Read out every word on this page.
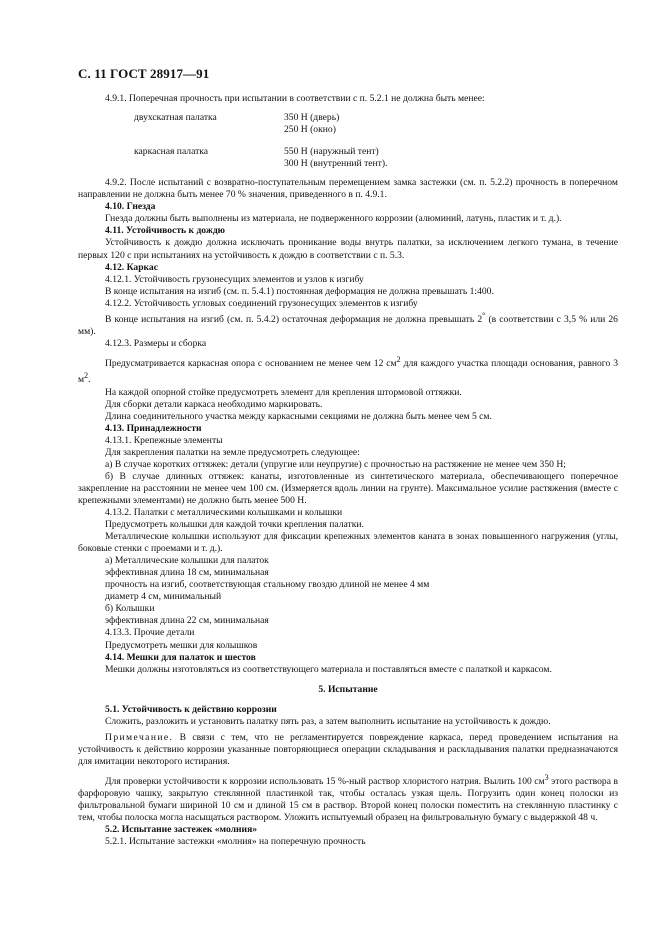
С. 11 ГОСТ 28917—91

4.9.1. Поперечная прочность при испытании в соответствии с п. 5.2.1 не должна быть менее:

двухскатная палатка	350 Н (дверь)
	250 Н (окно)
каркасная палатка	550 Н (наружный тент)
	300 Н (внутренний тент).

4.9.2. После испытаний с возвратно-поступательным перемещением замка застежки (см. п. 5.2.2) прочность в поперечном направлении не должна быть менее 70 % значения, приведенного в п. 4.9.1.

4.10. Гнезда

Гнезда должны быть выполнены из материала, не подверженного коррозии (алюминий, латунь, пластик и т. д.).

4.11. Устойчивость к дождю

Устойчивость к дождю должна исключать проникание воды внутрь палатки, за исключением легкого тумана, в течение первых 120 с при испытаниях на устойчивость к дождю в соответствии с п. 5.3.

4.12. Каркас

4.12.1. Устойчивость грузонесущих элементов и узлов к изгибу

В конце испытания на изгиб (см. п. 5.4.1) постоянная деформация не должна превышать 1:400.

4.12.2. Устойчивость угловых соединений грузонесущих элементов к изгибу

В конце испытания на изгиб (см. п. 5.4.2) остаточная деформация не должна превышать 2° (в соответствии с 3,5 % или 26 мм).

4.12.3. Размеры и сборка

Предусматривается каркасная опора с основанием не менее чем 12 $см^2$ для каждого участка площади основания, равного 3 $м^2$.

На каждой опорной стойке предусмотреть элемент для крепления штормовой оттяжки.

Для сборки детали каркаса необходимо маркировать.

Длина соединительного участка между каркасными секциями не должна быть менее чем 5 см.

4.13. Принадлежности

4.13.1. Крепежные элементы

Для закрепления палатки на земле предусмотреть следующее:

а) В случае коротких оттяжек: детали (упругие или неупругие) с прочностью на растяжение не менее чем 350 Н;

б) В случае длинных оттяжек: канаты, изготовленные из синтетического материала, обеспечивающего поперечное закрепление на расстоянии не менее чем 100 см. (Измеряется вдоль линии на грунте). Максимальное усилие растяжения (вместе с крепежными элементами) не должно быть менее 500 Н.

4.13.2. Палатки с металлическими колышками и колышки

Предусмотреть колышки для каждой точки крепления палатки.

Металлические колышки используют для фиксации крепежных элементов каната в зонах повышенного нагружения (углы, боковые стенки с проемами и т. д.).

а) Металлические колышки для палаток

эффективная длина 18 см, минимальная

прочность на изгиб, соответствующая стальному гвоздю длиной не менее 4 мм

диаметр 4 см, минимальный

б) Колышки

эффективная длина 22 см, минимальная

4.13.3. Прочие детали

Предусмотреть мешки для колышков

4.14. Мешки для палаток и шестов

Мешки должны изготовляться из соответствующего материала и поставляться вместе с палаткой и каркасом.

5. Испытание

5.1. Устойчивость к действию коррозии

Сложить, разложить и установить палатку пять раз, а затем выполнить испытание на устойчивость к дождю.

Примечание. В связи с тем, что не регламентируется повреждение каркаса, перед проведением испытания на устойчивость к действию коррозии указанные повторяющиеся операции складывания и раскладывания палатки предназначаются для имитации некоторого истирания.

Для проверки устойчивости к коррозии использовать 15 %-ный раствор хлористого натрия. Вылить 100 $см^3$ этого раствора в фарфоровую чашку, закрытую стеклянной пластинкой так, чтобы осталась узкая щель. Погрузить один конец полоски из фильтровальной бумаги шириной 10 см и длиной 15 см в раствор. Второй конец полоски поместить на стеклянную пластинку с тем, чтобы полоска могла насыщаться раствором. Уложить испытуемый образец на фильтровальную бумагу с выдержкой 48 ч.

5.2. Испытание застежек «молния»

5.2.1. Испытание застежки «молния» на поперечную прочность
